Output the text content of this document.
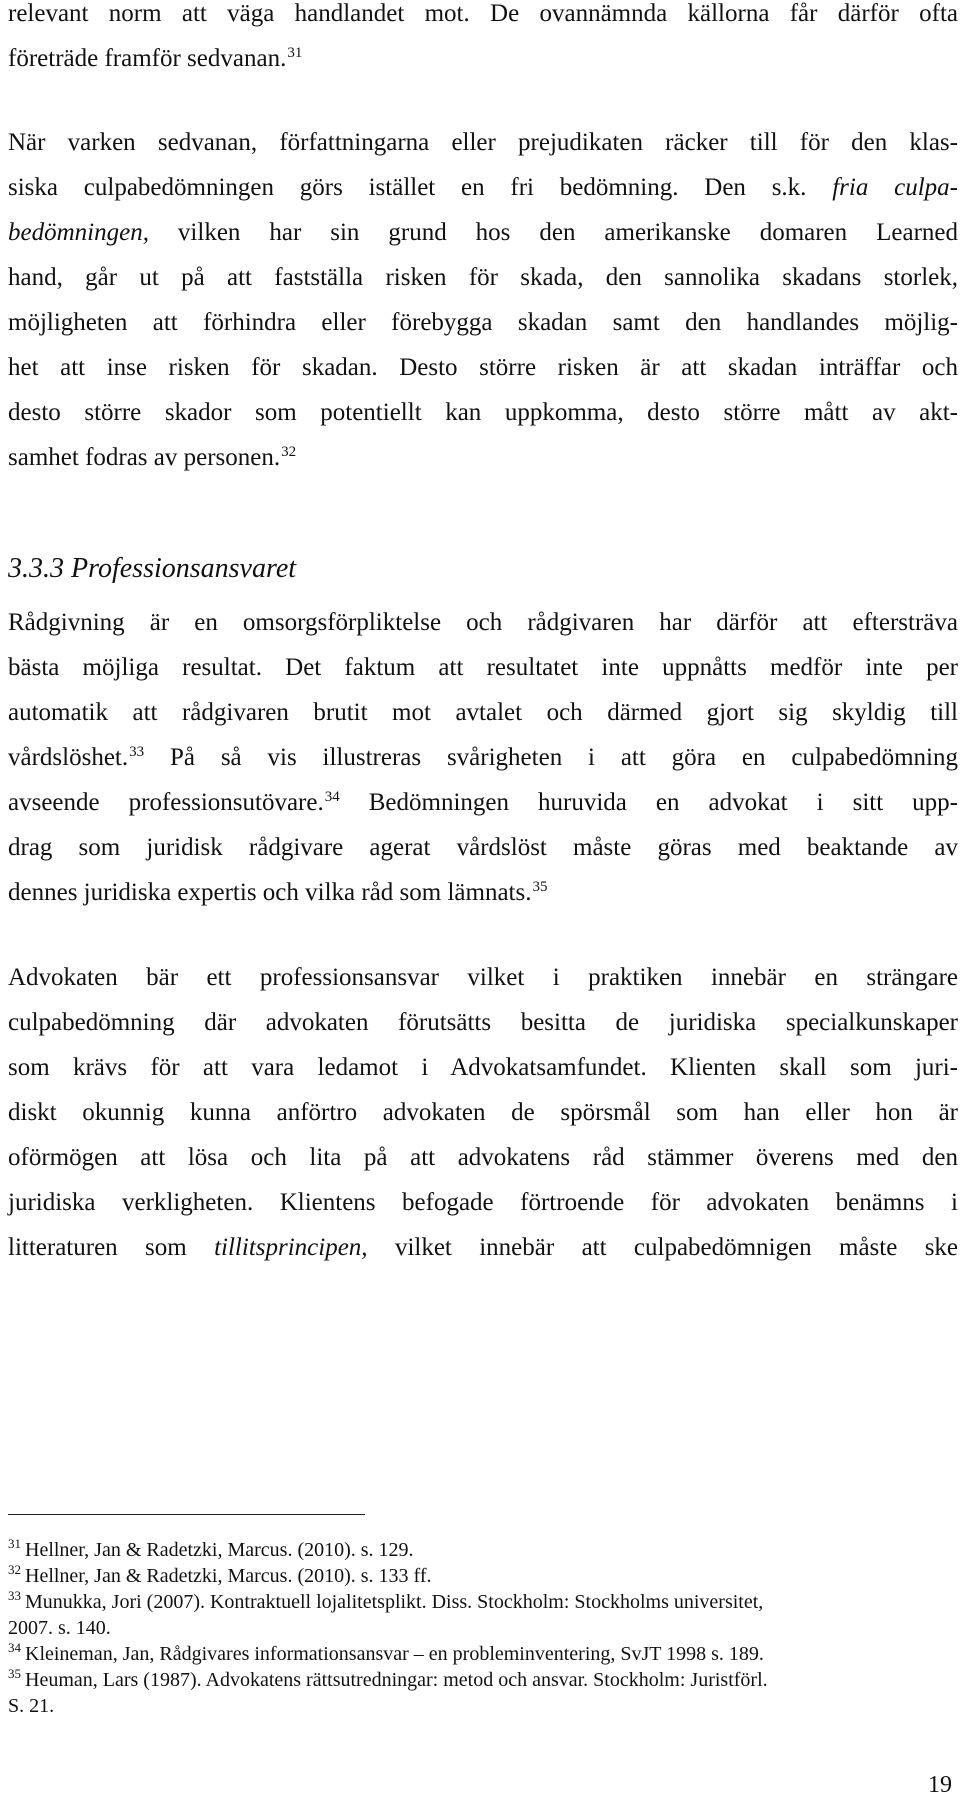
relevant norm att väga handlandet mot. De ovannämnda källorna får därför ofta
företräde framför sedvanan.$^{31}$
När varken sedvanan, författningarna eller prejudikaten räcker till för den klas-
siska culpabedömningen görs istället en fri bedömning. Den s.k. fria culpa-
bedömningen, vilken har sin grund hos den amerikanske domaren Learned
hand, går ut på att fastställa risken för skada, den sannolika skadans storlek,
möjligheten att förhindra eller förebygga skadan samt den handlandes möjlig-
het att inse risken för skadan. Desto större risken är att skadan inträffar och
desto större skador som potentiellt kan uppkomma, desto större mått av akt-
samhet fodras av personen.$^{32}$
3.3.3 Professionsansvaret
Rådgivning är en omsorgsförpliktelse och rådgivaren har därför att eftersträva
bästa möjliga resultat. Det faktum att resultatet inte uppnåtts medför inte per
automatik att rådgivaren brutit mot avtalet och därmed gjort sig skyldig till
vårdslöshet.$^{33}$ På så vis illustreras svårigheten i att göra en culpabedömning
avseende professionsutövare.$^{34}$ Bedömningen huruvida en advokat i sitt upp-
drag som juridisk rådgivare agerat vårdslöst måste göras med beaktande av
dennes juridiska expertis och vilka råd som lämnats.$^{35}$
Advokaten bär ett professionsansvar vilket i praktiken innebär en strängare
culpabedömning där advokaten förutsätts besitta de juridiska specialkunskaper
som krävs för att vara ledamot i Advokatsamfundet. Klienten skall som juri-
diskt okunnig kunna anförtro advokaten de spörsmål som han eller hon är
oförmögen att lösa och lita på att advokatens råd stämmer överens med den
juridiska verkligheten. Klientens befogade förtroende för advokaten benämns i
litteraturen som tillitsprincipen, vilket innebär att culpabedömnigen måste ske
$^{31}$ Hellner, Jan & Radetzki, Marcus. (2010). s. 129.
$^{32}$ Hellner, Jan & Radetzki, Marcus. (2010). s. 133 ff.
$^{33}$ Munukka, Jori (2007). Kontraktuell lojalitetsplikt. Diss. Stockholm: Stockholms universitet,
2007. s. 140.
$^{34}$ Kleineman, Jan, Rådgivares informationsansvar – en probleminventering, SvJT 1998 s. 189.
$^{35}$ Heuman, Lars (1987). Advokatens rättsutredningar: metod och ansvar. Stockholm: Juristförl.
S. 21.
19
